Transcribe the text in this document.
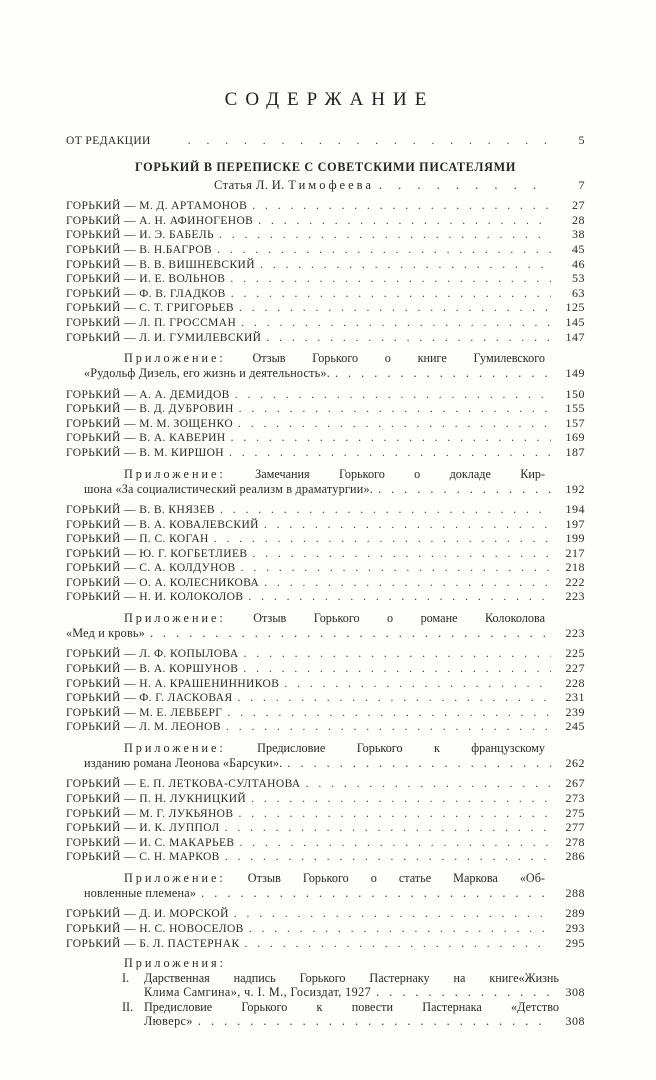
СОДЕРЖАНИЕ
ОТ РЕДАКЦИИ . . .	5
ГОРЬКИЙ В ПЕРЕПИСКЕ С СОВЕТСКИМИ ПИСАТЕЛЯМИ
Статья Л. И. Тимофеева . . .	7
ГОРЬКИЙ — М. Д. АРТАМОНОВ . . .	27
ГОРЬКИЙ — А. Н. АФИНОГЕНОВ . . .	28
ГОРЬКИЙ — И. Э. БАБЕЛЬ . . .	38
ГОРЬКИЙ — В. Н.БАГРОВ . . .	45
ГОРЬКИЙ — В. В. ВИШНЕВСКИЙ . . .	46
ГОРЬКИЙ — И. Е. ВОЛЬНОВ . . .	53
ГОРЬКИЙ — Ф. В. ГЛАДКОВ . . .	63
ГОРЬКИЙ — С. Т. ГРИГОРЬЕВ . . .	125
ГОРЬКИЙ — Л. П. ГРОССМАН . . .	145
ГОРЬКИЙ — Л. И. ГУМИЛЕВСКИЙ . . .	147
Приложение: Отзыв Горького о книге Гумилевского
«Рудольф Дизель, его жизнь и деятельность». . . .	149
ГОРЬКИЙ — А. А. ДЕМИДОВ . . .	150
ГОРЬКИЙ — В. Д. ДУБРОВИН . . .	155
ГОРЬКИЙ — М. М. ЗОЩЕНКО . . .	157
ГОРЬКИЙ — В. А. КАВЕРИН . . .	169
ГОРЬКИЙ — В. М. КИРШОН . . .	187
Приложение: Замечания Горького о докладе Кир-
шона «За социалистический реализм в драматургии». . . .	192
ГОРЬКИЙ — В. В. КНЯЗЕВ . . .	194
ГОРЬКИЙ — В. А. КОВАЛЕВСКИЙ . . .	197
ГОРЬКИЙ — П. С. КОГАН . . .	199
ГОРЬКИЙ — Ю. Г. КОГБЕТЛИЕВ . . .	217
ГОРЬКИЙ — С. А. КОЛДУНОВ . . .	218
ГОРЬКИЙ — О. А. КОЛЕСНИКОВА . . .	222
ГОРЬКИЙ — Н. И. КОЛОКОЛОВ . . .	223
Приложение: Отзыв Горького о романе Колоколова
«Мед и кровь» . . .	223
ГОРЬКИЙ — Л. Ф. КОПЫЛОВА . . .	225
ГОРЬКИЙ — В. А. КОРШУНОВ . . .	227
ГОРЬКИЙ — Н. А. КРАШЕНИННИКОВ . . .	228
ГОРЬКИЙ — Ф. Г. ЛАСКОВАЯ . . .	231
ГОРЬКИЙ — М. Е. ЛЕВБЕРГ . . .	239
ГОРЬКИЙ — Л. М. ЛЕОНОВ . . .	245
Приложение: Предисловие Горького к французскому
изданию романа Леонова «Барсуки». . . .	262
ГОРЬКИЙ — Е. П. ЛЕТКОВА-СУЛТАНОВА . . .	267
ГОРЬКИЙ — П. Н. ЛУКНИЦКИЙ . . .	273
ГОРЬКИЙ — М. Г. ЛУКЬЯНОВ . . .	275
ГОРЬКИЙ — И. К. ЛУППОЛ . . .	277
ГОРЬКИЙ — И. С. МАКАРЬЕВ . . .	278
ГОРЬКИЙ — С. Н. МАРКОВ . . .	286
Приложение: Отзыв Горького о статье Маркова «Об-
новленные племена» . . .	288
ГОРЬКИЙ — Д. И. МОРСКОЙ . . .	289
ГОРЬКИЙ — Н. С. НОВОСЕЛОВ . . .	293
ГОРЬКИЙ — Б. Л. ПАСТЕРНАК . . .	295
Приложения:
I.	Дарственная надпись Горького Пастернаку на книге«Жизнь
Клима Самгина», ч. I. М., Госиздат, 1927 . . .	308
II. Предисловие Горького к повести Пастернака «Детство
Люверс» . . .	308
